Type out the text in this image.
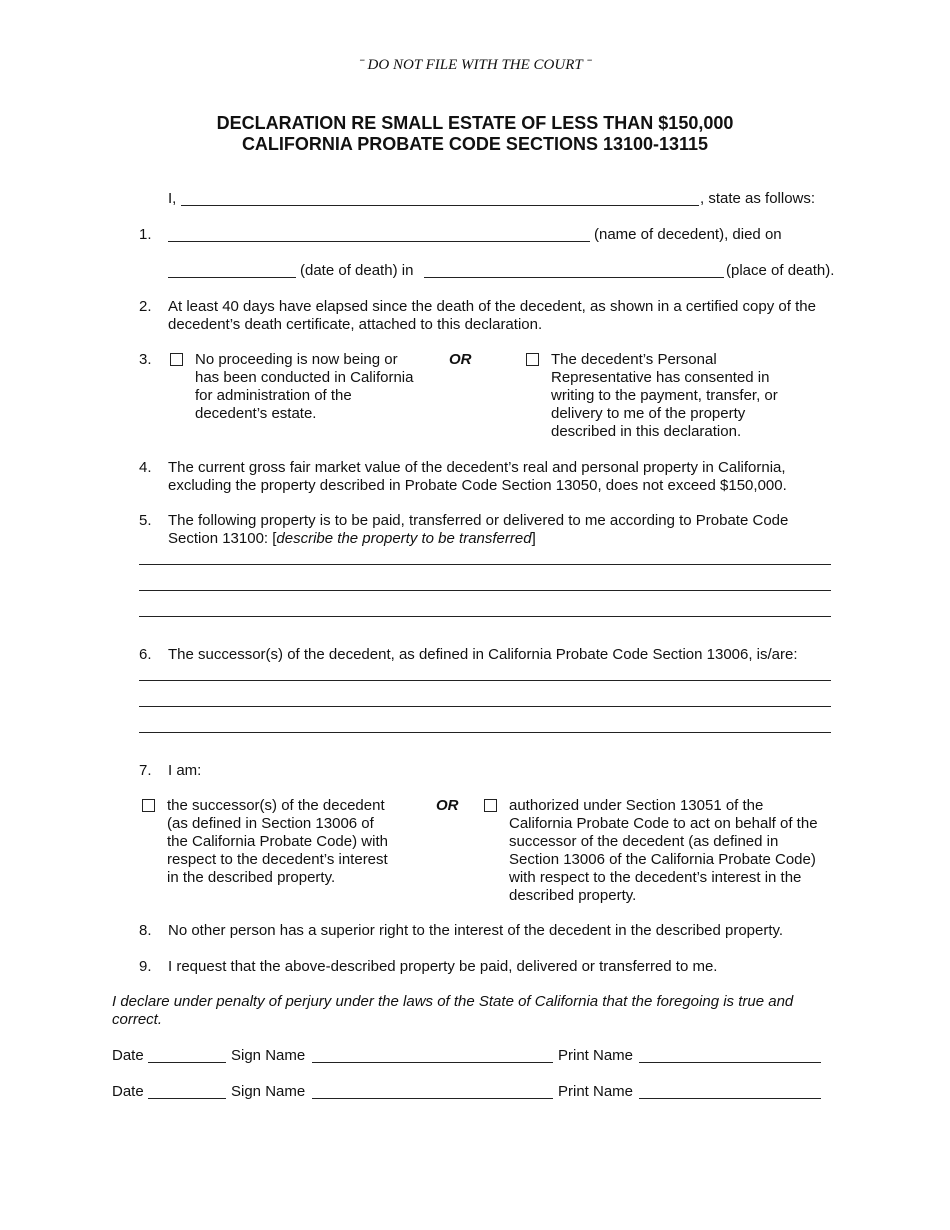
ˉ DO NOT FILE WITH THE COURT ˉ
DECLARATION RE SMALL ESTATE OF LESS THAN $150,000
CALIFORNIA PROBATE CODE SECTIONS 13100-13115
I,	, state as follows:
1.	(name of decedent), died on
(date of death) in	(place of death).
2. At least 40 days have elapsed since the death of the decedent, as shown in a certified copy of the decedent’s death certificate, attached to this declaration.
3.	No proceeding is now being or has been conducted in California for administration of the decedent’s estate.
OR	The decedent’s Personal Representative has consented in writing to the payment, transfer, or delivery to me of the property described in this declaration.
4. The current gross fair market value of the decedent’s real and personal property in California, excluding the property described in Probate Code Section 13050, does not exceed $150,000.
5. The following property is to be paid, transferred or delivered to me according to Probate Code
Section 13100: [describe the property to be transferred]
6. The successor(s) of the decedent, as defined in California Probate Code Section 13006, is/are:
7. I am:
the successor(s) of the decedent (as defined in Section 13006 of the California Probate Code) with respect to the decedent’s interest in the described property.
OR	authorized under Section 13051 of the California Probate Code to act on behalf of the successor of the decedent (as defined in Section 13006 of the California Probate Code) with respect to the decedent’s interest in the described property.
8. No other person has a superior right to the interest of the decedent in the described property.
9. I request that the above-described property be paid, delivered or transferred to me.
I declare under penalty of perjury under the laws of the State of California that the foregoing is true and correct.
Date	Sign Name	Print Name
Date	Sign Name	Print Name
